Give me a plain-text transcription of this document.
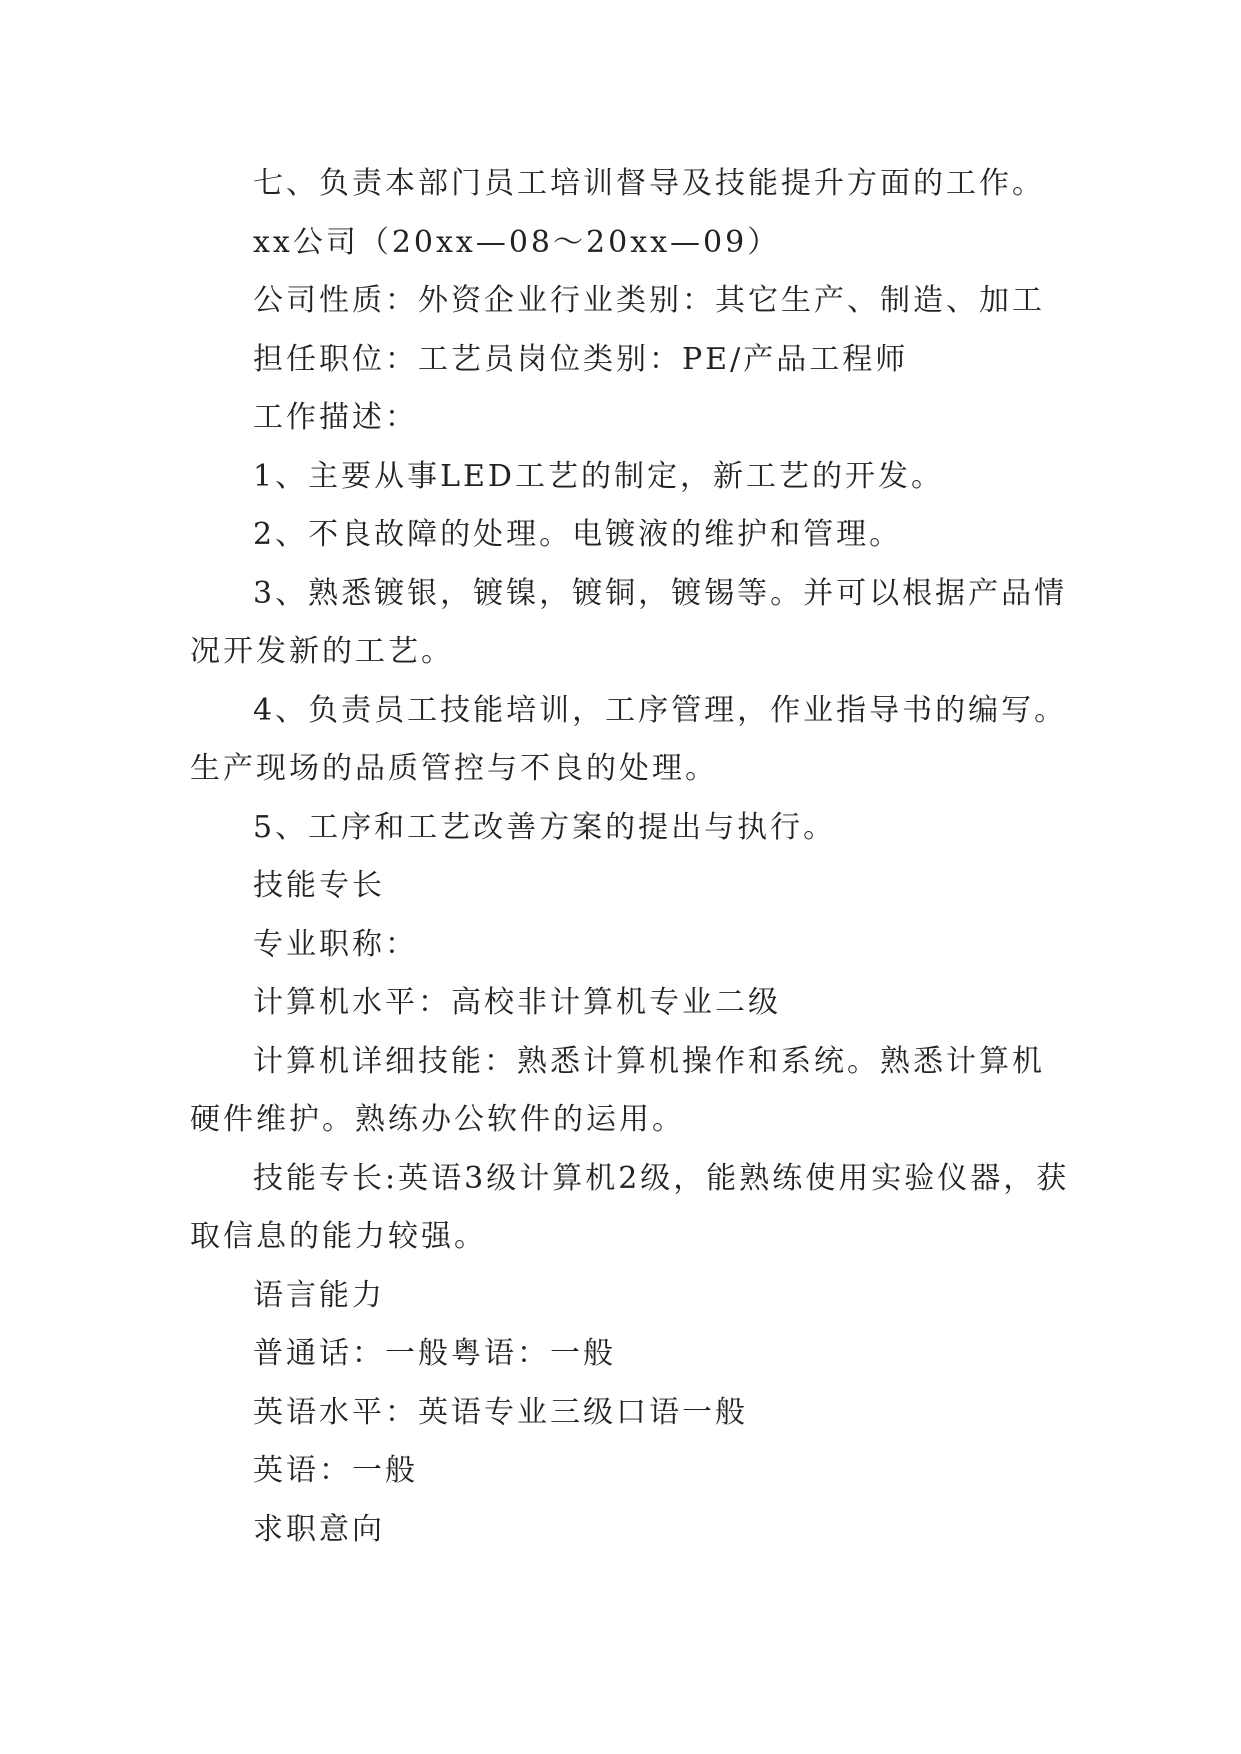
七、负责本部门员工培训督导及技能提升方面的工作。

xx公司（20xx—08～20xx—09）

公司性质：外资企业行业类别：其它生产、制造、加工

担任职位：工艺员岗位类别：PE/产品工程师

工作描述：

1、主要从事LED工艺的制定，新工艺的开发。

2、不良故障的处理。电镀液的维护和管理。

3、熟悉镀银，镀镍，镀铜，镀锡等。并可以根据产品情况开发新的工艺。

4、负责员工技能培训，工序管理，作业指导书的编写。生产现场的品质管控与不良的处理。

5、工序和工艺改善方案的提出与执行。

技能专长

专业职称：

计算机水平：高校非计算机专业二级

计算机详细技能：熟悉计算机操作和系统。熟悉计算机硬件维护。熟练办公软件的运用。

技能专长:英语3级计算机2级，能熟练使用实验仪器，获取信息的能力较强。

语言能力

普通话：一般粤语：一般

英语水平：英语专业三级口语一般

英语：一般

求职意向
